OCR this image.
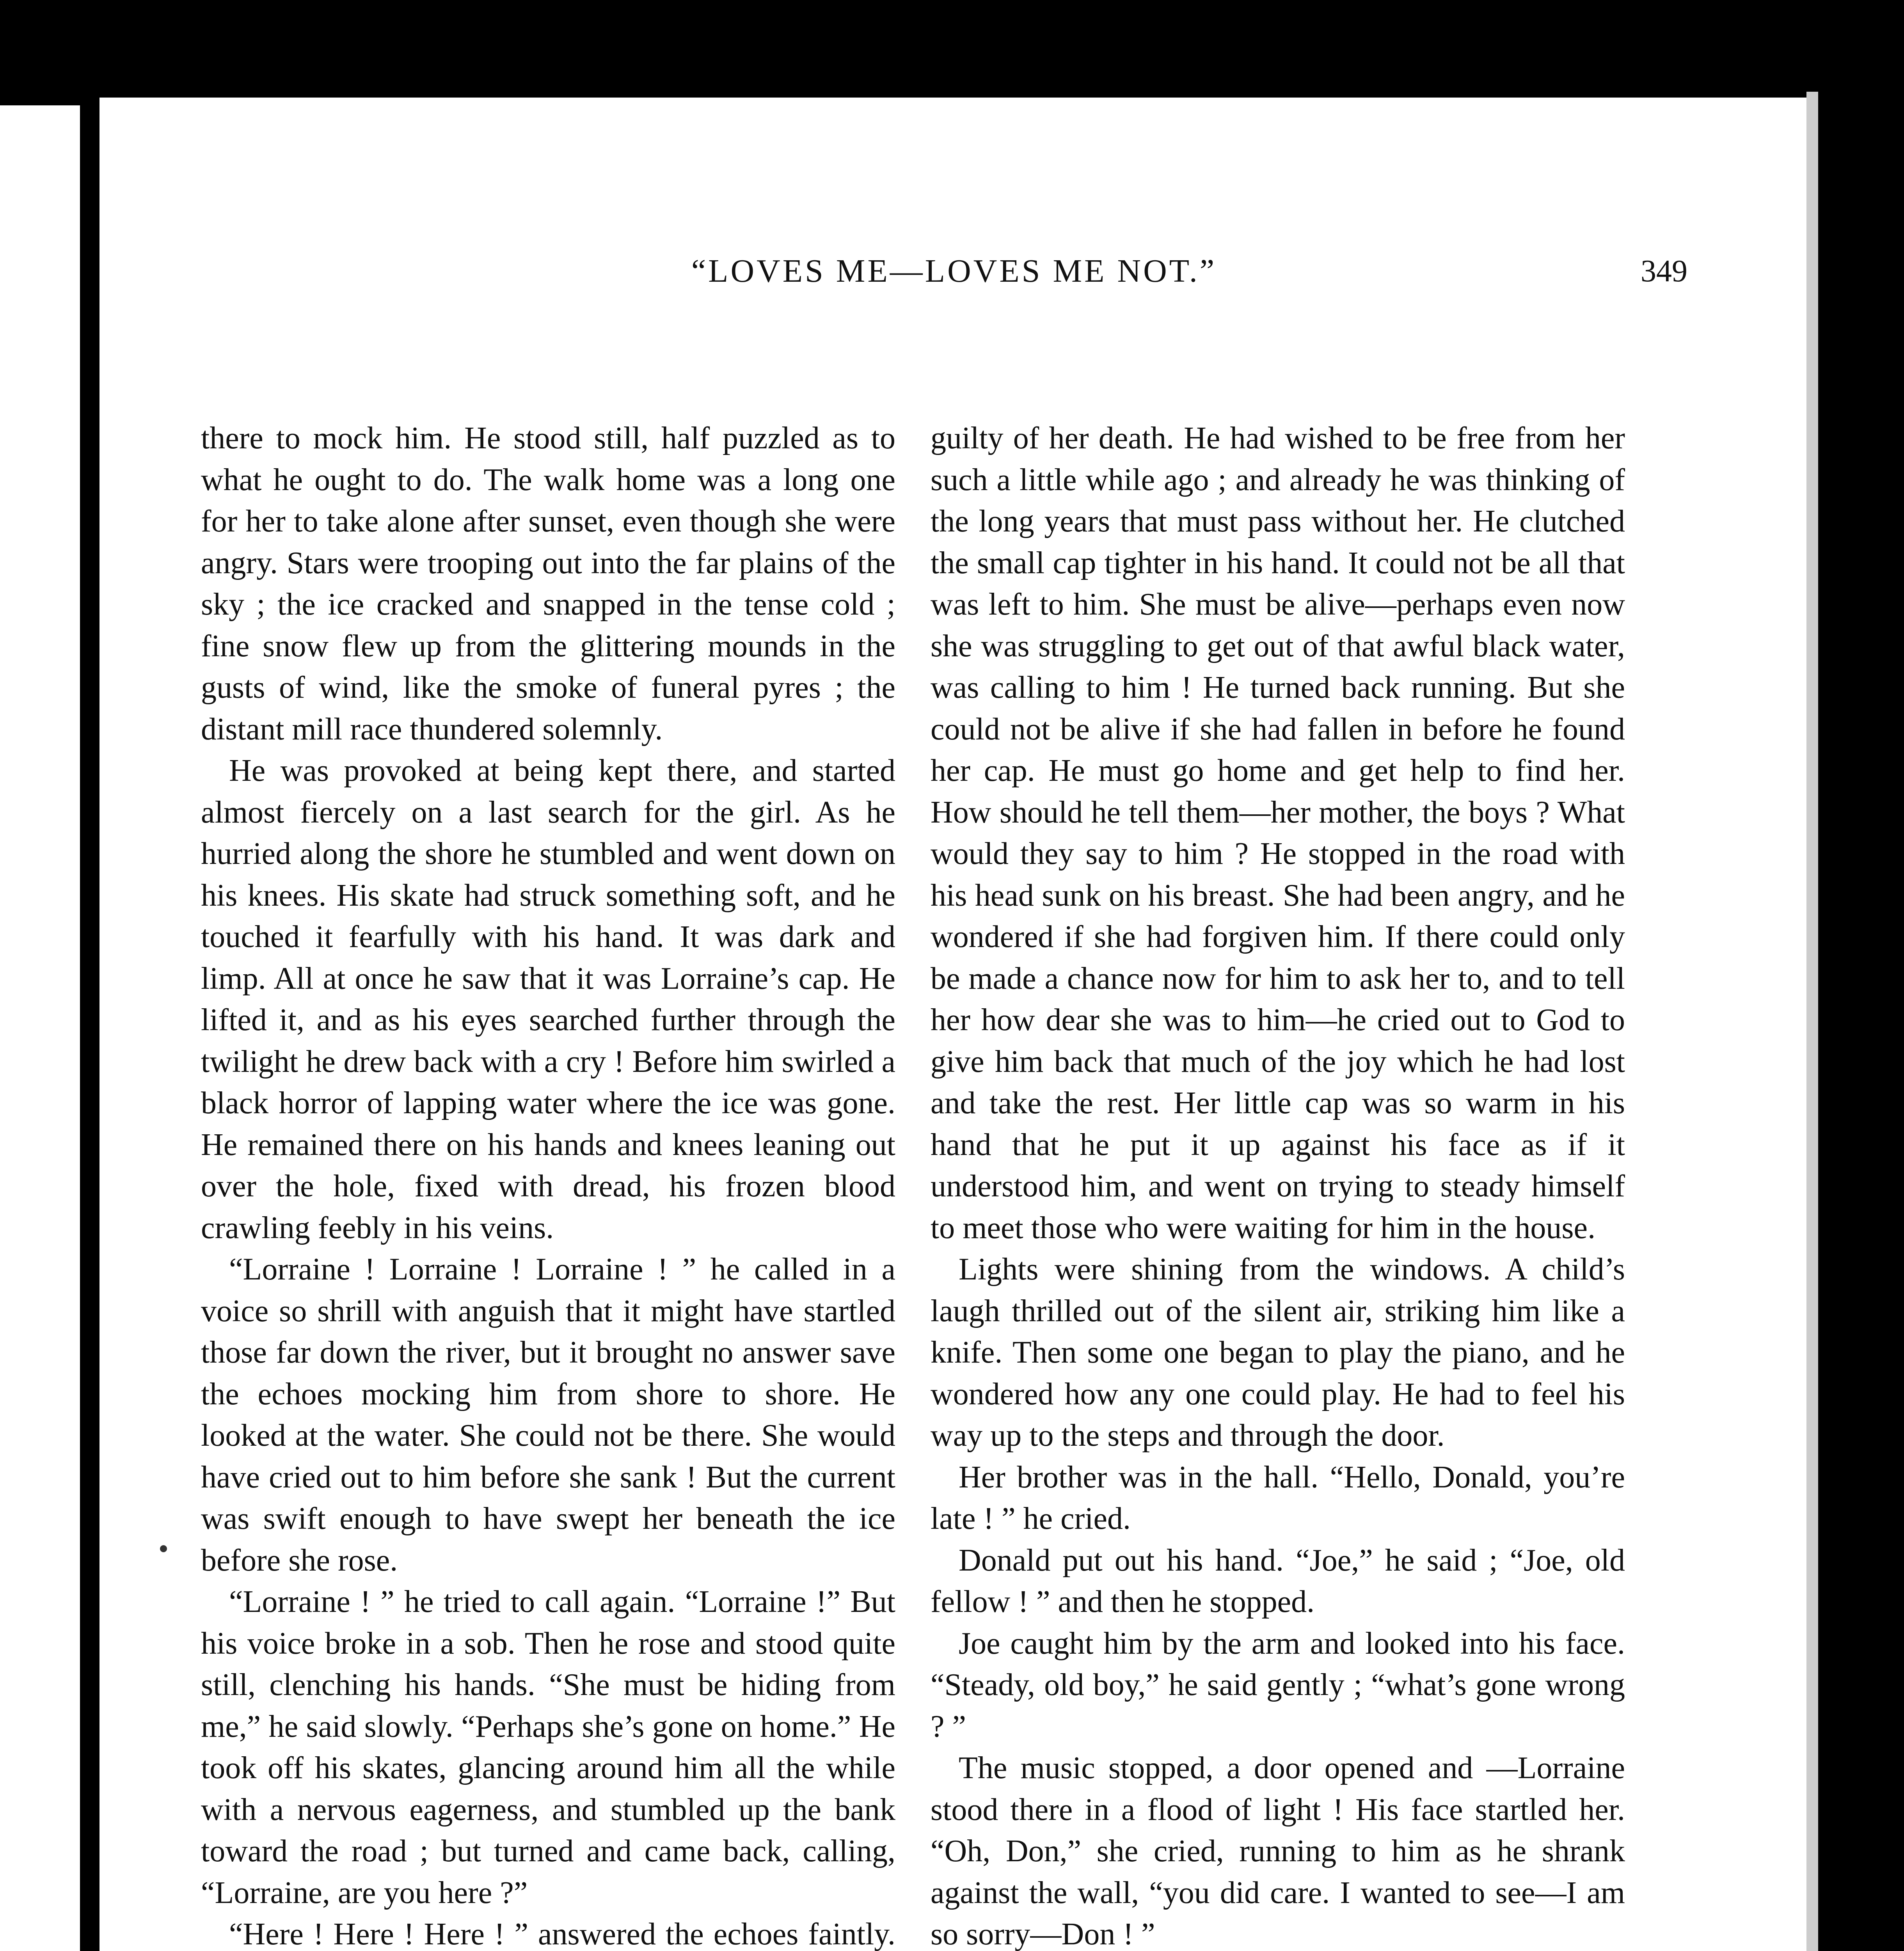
“LOVES ME—LOVES ME NOT.”	349

there to mock him. He stood still, half puzzled as to what he ought to do. The walk home was a long one for her to take alone after sunset, even though she were angry. Stars were trooping out into the far plains of the sky ; the ice cracked and snapped in the tense cold ; fine snow flew up from the glittering mounds in the gusts of wind, like the smoke of funeral pyres ; the distant mill race thundered solemnly.

He was provoked at being kept there, and started almost fiercely on a last search for the girl. As he hurried along the shore he stumbled and went down on his knees. His skate had struck something soft, and he touched it fearfully with his hand. It was dark and limp. All at once he saw that it was Lorraine’s cap. He lifted it, and as his eyes searched further through the twilight he drew back with a cry ! Before him swirled a black horror of lapping water where the ice was gone. He remained there on his hands and knees leaning out over the hole, fixed with dread, his frozen blood crawling feebly in his veins.

“Lorraine ! Lorraine ! Lorraine ! ” he called in a voice so shrill with anguish that it might have startled those far down the river, but it brought no answer save the echoes mocking him from shore to shore. He looked at the water. She could not be there. She would have cried out to him before she sank ! But the current was swift enough to have swept her beneath the ice before she rose.

“Lorraine ! ” he tried to call again. “Lorraine !” But his voice broke in a sob. Then he rose and stood quite still, clenching his hands. “She must be hiding from me,” he said slowly. “Perhaps she’s gone on home.” He took off his skates, glancing around him all the while with a nervous eagerness, and stumbled up the bank toward the road ; but turned and came back, calling, “Lorraine, are you here ?”

“Here ! Here ! Here ! ” answered the echoes faintly.

guilty of her death. He had wished to be free from her such a little while ago ; and already he was thinking of the long years that must pass without her. He clutched the small cap tighter in his hand. It could not be all that was left to him. She must be alive—perhaps even now she was struggling to get out of that awful black water, was calling to him ! He turned back running. But she could not be alive if she had fallen in before he found her cap. He must go home and get help to find her. How should he tell them—her mother, the boys ? What would they say to him ? He stopped in the road with his head sunk on his breast. She had been angry, and he wondered if she had forgiven him. If there could only be made a chance now for him to ask her to, and to tell her how dear she was to him—he cried out to God to give him back that much of the joy which he had lost and take the rest. Her little cap was so warm in his hand that he put it up against his face as if it understood him, and went on trying to steady himself to meet those who were waiting for him in the house.

Lights were shining from the windows. A child’s laugh thrilled out of the silent air, striking him like a knife. Then some one began to play the piano, and he wondered how any one could play. He had to feel his way up to the steps and through the door.

Her brother was in the hall. “Hello, Donald, you’re late ! ” he cried.

Donald put out his hand. “Joe,” he said ; “Joe, old fellow ! ” and then he stopped.

Joe caught him by the arm and looked into his face. “Steady, old boy,” he said gently ; “what’s gone wrong ? ”

The music stopped, a door opened and —Lorraine stood there in a flood of light ! His face startled her. “Oh, Don,” she cried, running to him as he shrank against the wall, “you did care. I wanted to see—I am so sorry—Don ! ”
